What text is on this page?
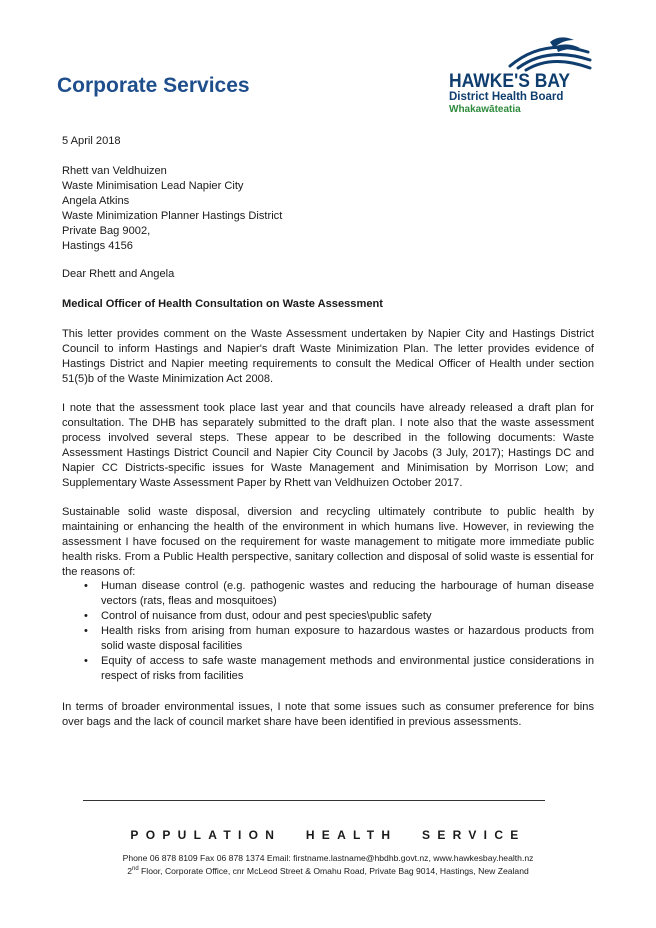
Corporate Services	HAWKE'S BAY
District Health Board
Whakawāteatia
5 April 2018
Rhett van Veldhuizen
Waste Minimisation Lead Napier City
Angela Atkins
Waste Minimization Planner Hastings District
Private Bag 9002,
Hastings 4156
Dear Rhett and Angela
Medical Officer of Health Consultation on Waste Assessment
This letter provides comment on the Waste Assessment undertaken by Napier City and Hastings District Council to inform Hastings and Napier's draft Waste Minimization Plan. The letter provides evidence of Hastings District and Napier meeting requirements to consult the Medical Officer of Health under section 51(5)b of the Waste Minimization Act 2008.
I note that the assessment took place last year and that councils have already released a draft plan for consultation. The DHB has separately submitted to the draft plan. I note also that the waste assessment process involved several steps. These appear to be described in the following documents: Waste Assessment Hastings District Council and Napier City Council by Jacobs (3 July, 2017); Hastings DC and Napier CC Districts-specific issues for Waste Management and Minimisation by Morrison Low; and Supplementary Waste Assessment Paper by Rhett van Veldhuizen October 2017.
Sustainable solid waste disposal, diversion and recycling ultimately contribute to public health by maintaining or enhancing the health of the environment in which humans live. However, in reviewing the assessment I have focused on the requirement for waste management to mitigate more immediate public health risks. From a Public Health perspective, sanitary collection and disposal of solid waste is essential for the reasons of:
• Human disease control (e.g. pathogenic wastes and reducing the harbourage of human disease vectors (rats, fleas and mosquitoes)
• Control of nuisance from dust, odour and pest species\public safety
• Health risks from arising from human exposure to hazardous wastes or hazardous products from solid waste disposal facilities
• Equity of access to safe waste management methods and environmental justice considerations in respect of risks from facilities
In terms of broader environmental issues, I note that some issues such as consumer preference for bins over bags and the lack of council market share have been identified in previous assessments.
POPULATION HEALTH SERVICE
Phone 06 878 8109 Fax 06 878 1374 Email: firstname.lastname@hbdhb.govt.nz, www.hawkesbay.health.nz
2nd Floor, Corporate Office, cnr McLeod Street & Omahu Road, Private Bag 9014, Hastings, New Zealand
